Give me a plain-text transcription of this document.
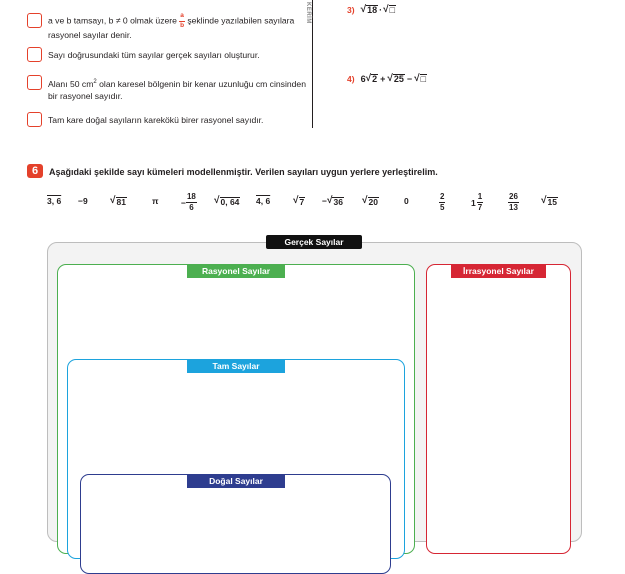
a ve b tamsayı, b ≠ 0 olmak üzere $\frac{a}{b}$ şeklinde yazılabilen sayılara rasyonel sayılar denir.
Sayı doğrusundaki tüm sayılar gerçek sayıları oluşturur.
Alanı 50 $cm^2$ olan karesel bölgenin bir kenar uzunluğu cm cinsinden bir rasyonel sayıdır.
Tam kare doğal sayıların karekökü birer rasyonel sayıdır.
KERİM	3) √ 18 · √ □
4) 6 √ 2 + √ 25 − √ □
6	Aşağıdaki şekilde sayı kümeleri modellenmiştir. Verilen sayıları uygun yerlere yerleştirelim.
3, 6 −9 √ 81	π	− $\frac{18}{6}$ √ 0, 64 4, 6 √ 7 − √ 36 √ 20	0	$\frac{2}{5}$	$1 \frac{1}{7}$	$\frac{26}{13}$ √ 15
Gerçek Sayılar
Rasyonel Sayılar	İrrasyonel Sayılar
Tam Sayılar
Doğal Sayılar
